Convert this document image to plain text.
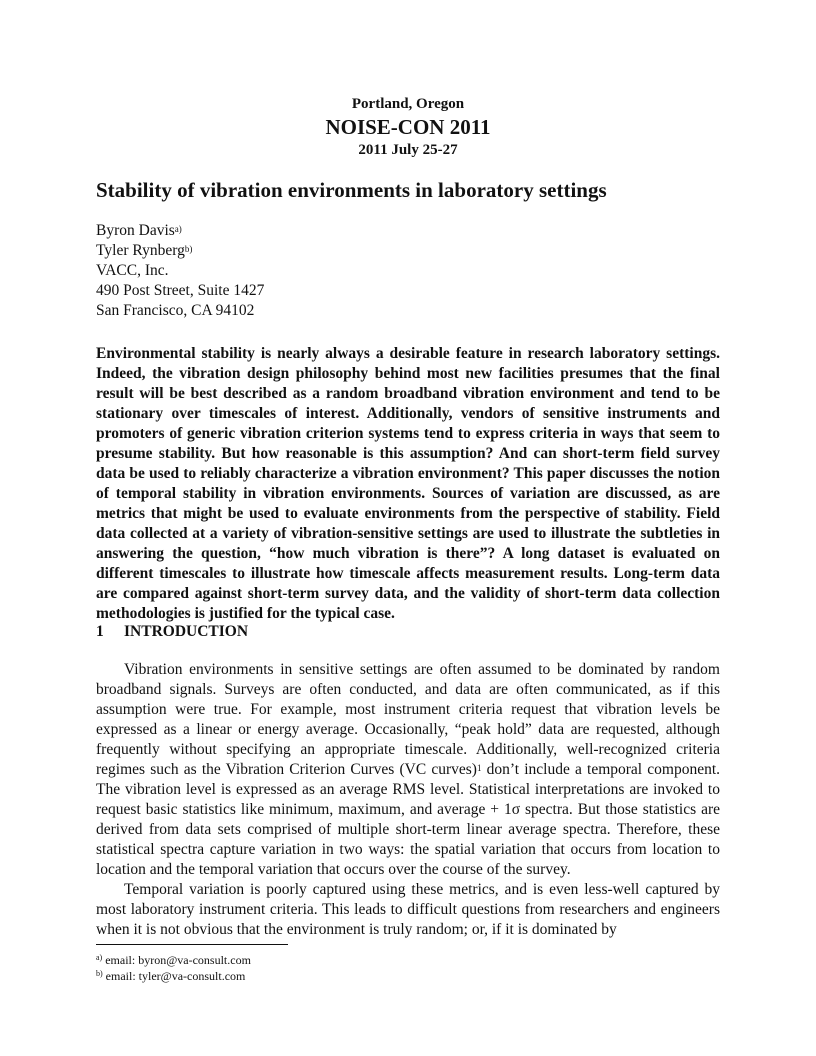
Portland, Oregon
NOISE-CON 2011
2011 July 25-27
Stability of vibration environments in laboratory settings
Byron Davis$^{a)}$
Tyler Rynberg$^{b)}$
VACC, Inc.
490 Post Street, Suite 1427
San Francisco, CA 94102
Environmental stability is nearly always a desirable feature in research laboratory settings. Indeed, the vibration design philosophy behind most new facilities presumes that the final result will be best described as a random broadband vibration environment and tend to be stationary over timescales of interest. Additionally, vendors of sensitive instruments and promoters of generic vibration criterion systems tend to express criteria in ways that seem to presume stability. But how reasonable is this assumption? And can short-term field survey data be used to reliably characterize a vibration environment? This paper discusses the notion of temporal stability in vibration environments. Sources of variation are discussed, as are metrics that might be used to evaluate environments from the perspective of stability. Field data collected at a variety of vibration-sensitive settings are used to illustrate the subtleties in answering the question, “how much vibration is there”? A long dataset is evaluated on different timescales to illustrate how timescale affects measurement results. Long-term data are compared against short-term survey data, and the validity of short-term data collection methodologies is justified for the typical case.
1 INTRODUCTION

Vibration environments in sensitive settings are often assumed to be dominated by random broadband signals. Surveys are often conducted, and data are often communicated, as if this assumption were true. For example, most instrument criteria request that vibration levels be expressed as a linear or energy average. Occasionally, “peak hold” data are requested, although frequently without specifying an appropriate timescale. Additionally, well-recognized criteria regimes such as the Vibration Criterion Curves (VC curves)$^1$ don’t include a temporal component. The vibration level is expressed as an average RMS level. Statistical interpretations are invoked to request basic statistics like minimum, maximum, and average + 1σ spectra. But those statistics are derived from data sets comprised of multiple short-term linear average spectra. Therefore, these statistical spectra capture variation in two ways: the spatial variation that occurs from location to location and the temporal variation that occurs over the course of the survey.

Temporal variation is poorly captured using these metrics, and is even less-well captured by most laboratory instrument criteria. This leads to difficult questions from researchers and engineers when it is not obvious that the environment is truly random; or, if it is dominated by

$^{a)}$ email: byron@va-consult.com
$^{b)}$ email: tyler@va-consult.com
